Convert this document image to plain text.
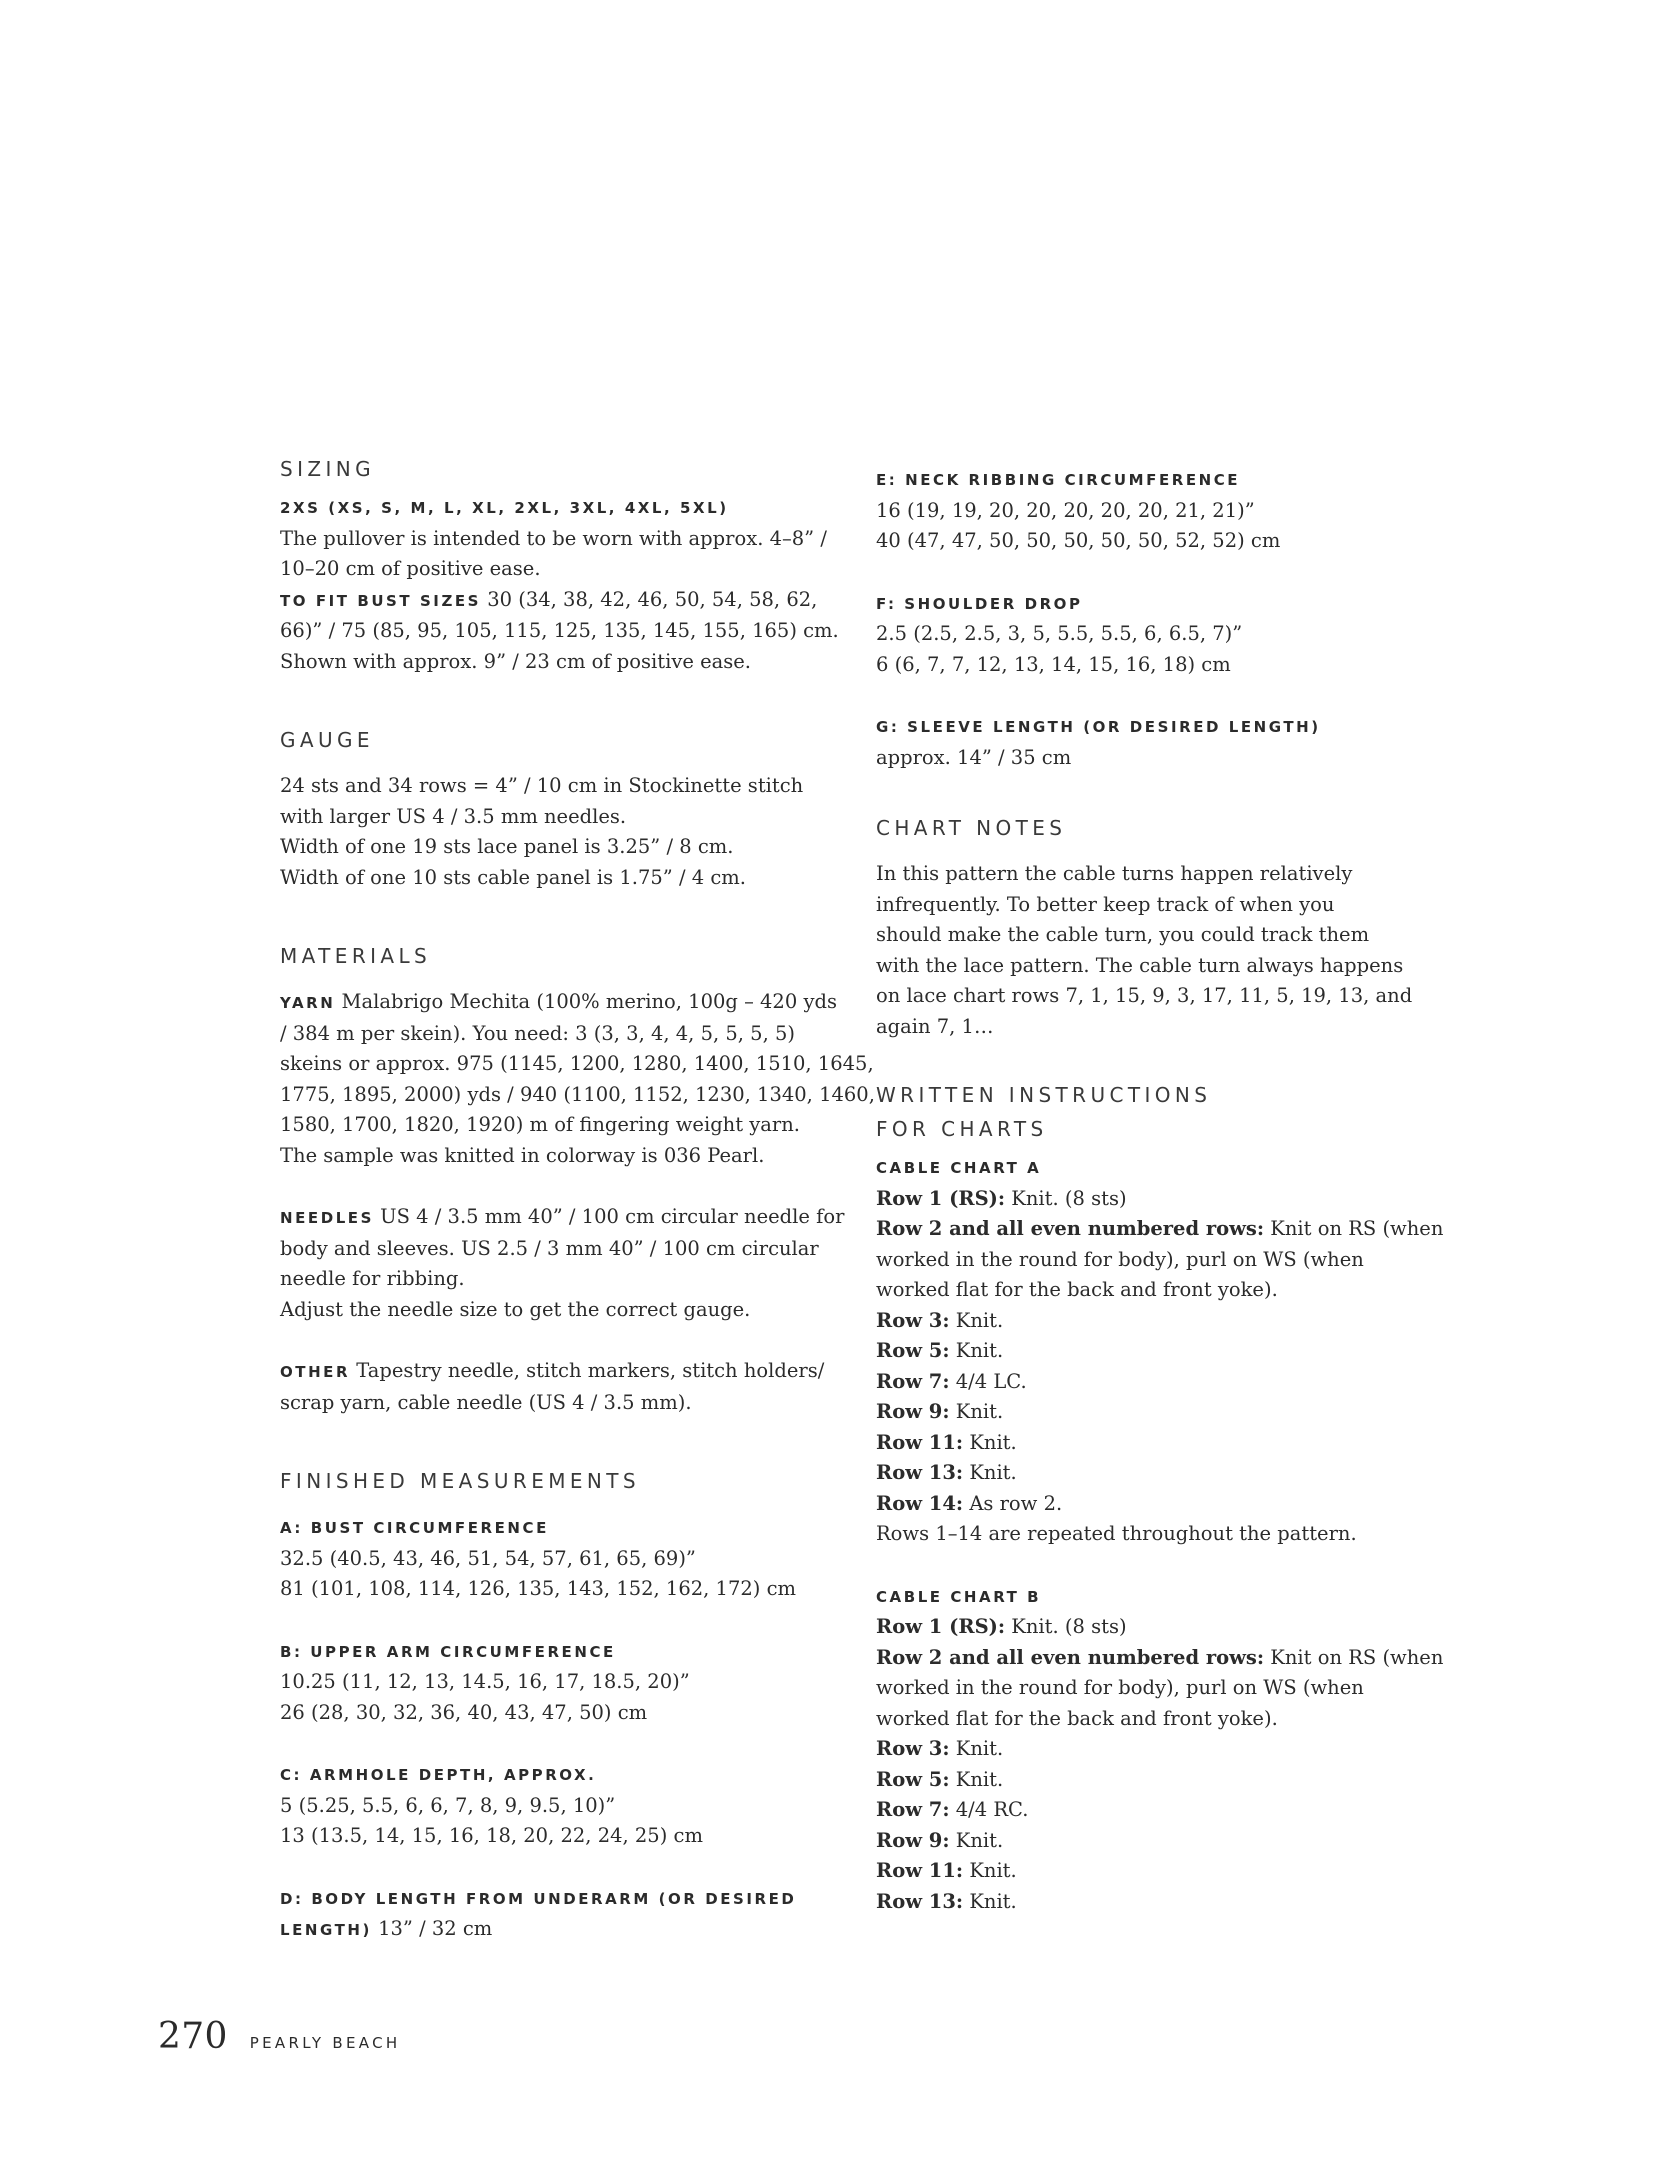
SIZING

2XS (XS, S, M, L, XL, 2XL, 3XL, 4XL, 5XL)

The pullover is intended to be worn with approx. 4–8” /

10–20 cm of positive ease.

TO FIT BUST SIZES 30 (34, 38, 42, 46, 50, 54, 58, 62,

66)” / 75 (85, 95, 105, 115, 125, 135, 145, 155, 165) cm.

Shown with approx. 9” / 23 cm of positive ease.

GAUGE

24 sts and 34 rows = 4” / 10 cm in Stockinette stitch

with larger US 4 / 3.5 mm needles.

Width of one 19 sts lace panel is 3.25” / 8 cm.

Width of one 10 sts cable panel is 1.75” / 4 cm.

MATERIALS

YARN Malabrigo Mechita (100% merino, 100g – 420 yds

/ 384 m per skein). You need: 3 (3, 3, 4, 4, 5, 5, 5, 5)

skeins or approx. 975 (1145, 1200, 1280, 1400, 1510, 1645,

1775, 1895, 2000) yds / 940 (1100, 1152, 1230, 1340, 1460,

1580, 1700, 1820, 1920) m of fingering weight yarn.

The sample was knitted in colorway is 036 Pearl.

NEEDLES US 4 / 3.5 mm 40” / 100 cm circular needle for

body and sleeves. US 2.5 / 3 mm 40” / 100 cm circular

needle for ribbing.

Adjust the needle size to get the correct gauge.

OTHER Tapestry needle, stitch markers, stitch holders/

scrap yarn, cable needle (US 4 / 3.5 mm).

FINISHED MEASUREMENTS

A: BUST CIRCUMFERENCE

32.5 (40.5, 43, 46, 51, 54, 57, 61, 65, 69)”

81 (101, 108, 114, 126, 135, 143, 152, 162, 172) cm

B: UPPER ARM CIRCUMFERENCE

10.25 (11, 12, 13, 14.5, 16, 17, 18.5, 20)”

26 (28, 30, 32, 36, 40, 43, 47, 50) cm

C: ARMHOLE DEPTH, APPROX.

5 (5.25, 5.5, 6, 6, 7, 8, 9, 9.5, 10)”

13 (13.5, 14, 15, 16, 18, 20, 22, 24, 25) cm

D: BODY LENGTH FROM UNDERARM (OR DESIRED

LENGTH) 13” / 32 cm

E: NECK RIBBING CIRCUMFERENCE

16 (19, 19, 20, 20, 20, 20, 20, 21, 21)”

40 (47, 47, 50, 50, 50, 50, 50, 52, 52) cm

F: SHOULDER DROP

2.5 (2.5, 2.5, 3, 5, 5.5, 5.5, 6, 6.5, 7)”

6 (6, 7, 7, 12, 13, 14, 15, 16, 18) cm

G: SLEEVE LENGTH (OR DESIRED LENGTH)

approx. 14” / 35 cm

CHART NOTES

In this pattern the cable turns happen relatively

infrequently. To better keep track of when you

should make the cable turn, you could track them

with the lace pattern. The cable turn always happens

on lace chart rows 7, 1, 15, 9, 3, 17, 11, 5, 19, 13, and

again 7, 1…

WRITTEN INSTRUCTIONS
FOR CHARTS

CABLE CHART A

Row 1 (RS): Knit. (8 sts)

Row 2 and all even numbered rows: Knit on RS (when

worked in the round for body), purl on WS (when

worked flat for the back and front yoke).

Row 3: Knit.

Row 5: Knit.

Row 7: 4/4 LC.

Row 9: Knit.

Row 11: Knit.

Row 13: Knit.

Row 14: As row 2.

Rows 1–14 are repeated throughout the pattern.

CABLE CHART B

Row 1 (RS): Knit. (8 sts)

Row 2 and all even numbered rows: Knit on RS (when

worked in the round for body), purl on WS (when

worked flat for the back and front yoke).

Row 3: Knit.

Row 5: Knit.

Row 7: 4/4 RC.

Row 9: Knit.

Row 11: Knit.

Row 13: Knit.

270 PEARLY BEACH
